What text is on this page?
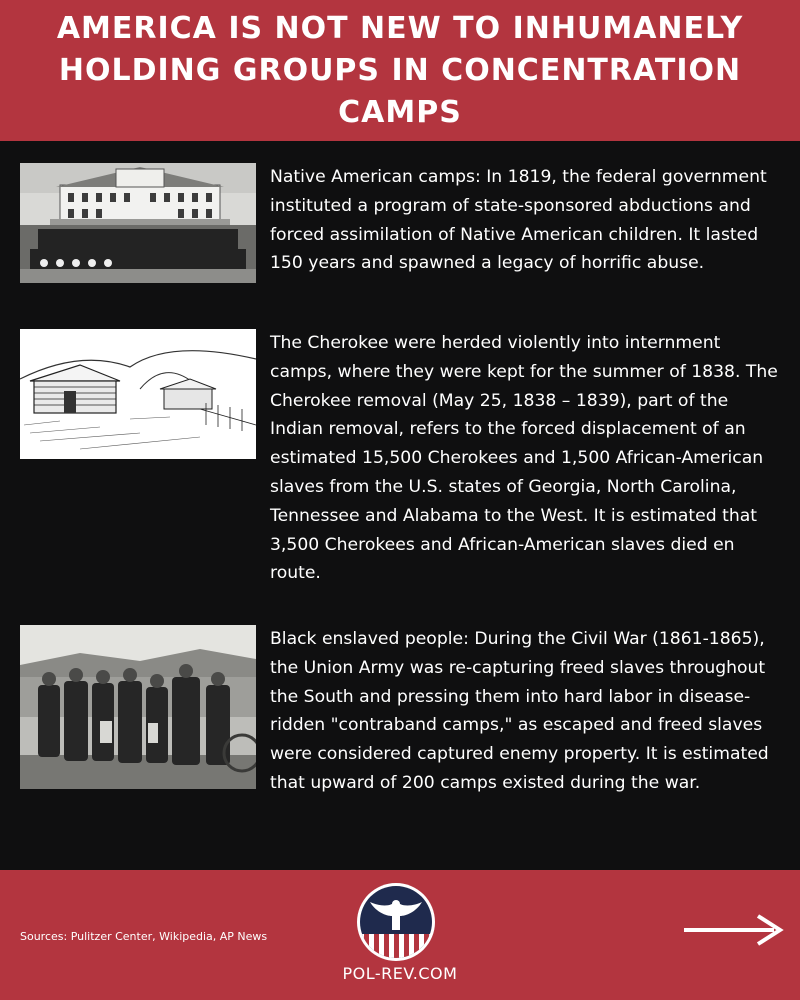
AMERICA IS NOT NEW TO INHUMANELY HOLDING GROUPS IN CONCENTRATION CAMPS
Native American camps: In 1819, the federal government instituted a program of state-sponsored abductions and forced assimilation of Native American children. It lasted 150 years and spawned a legacy of horrific abuse.
The Cherokee were herded violently into internment camps, where they were kept for the summer of 1838. The Cherokee removal (May 25, 1838 – 1839), part of the Indian removal, refers to the forced displacement of an estimated 15,500 Cherokees and 1,500 African-American slaves from the U.S. states of Georgia, North Carolina, Tennessee and Alabama to the West. It is estimated that 3,500 Cherokees and African-American slaves died en route.
Black enslaved people: During the Civil War (1861-1865), the Union Army was re-capturing freed slaves throughout the South and pressing them into hard labor in disease-ridden "contraband camps," as escaped and freed slaves were considered captured enemy property. It is estimated that upward of 200 camps existed during the war.
Sources: Pulitzer Center, Wikipedia, AP News
POL-REV.COM
